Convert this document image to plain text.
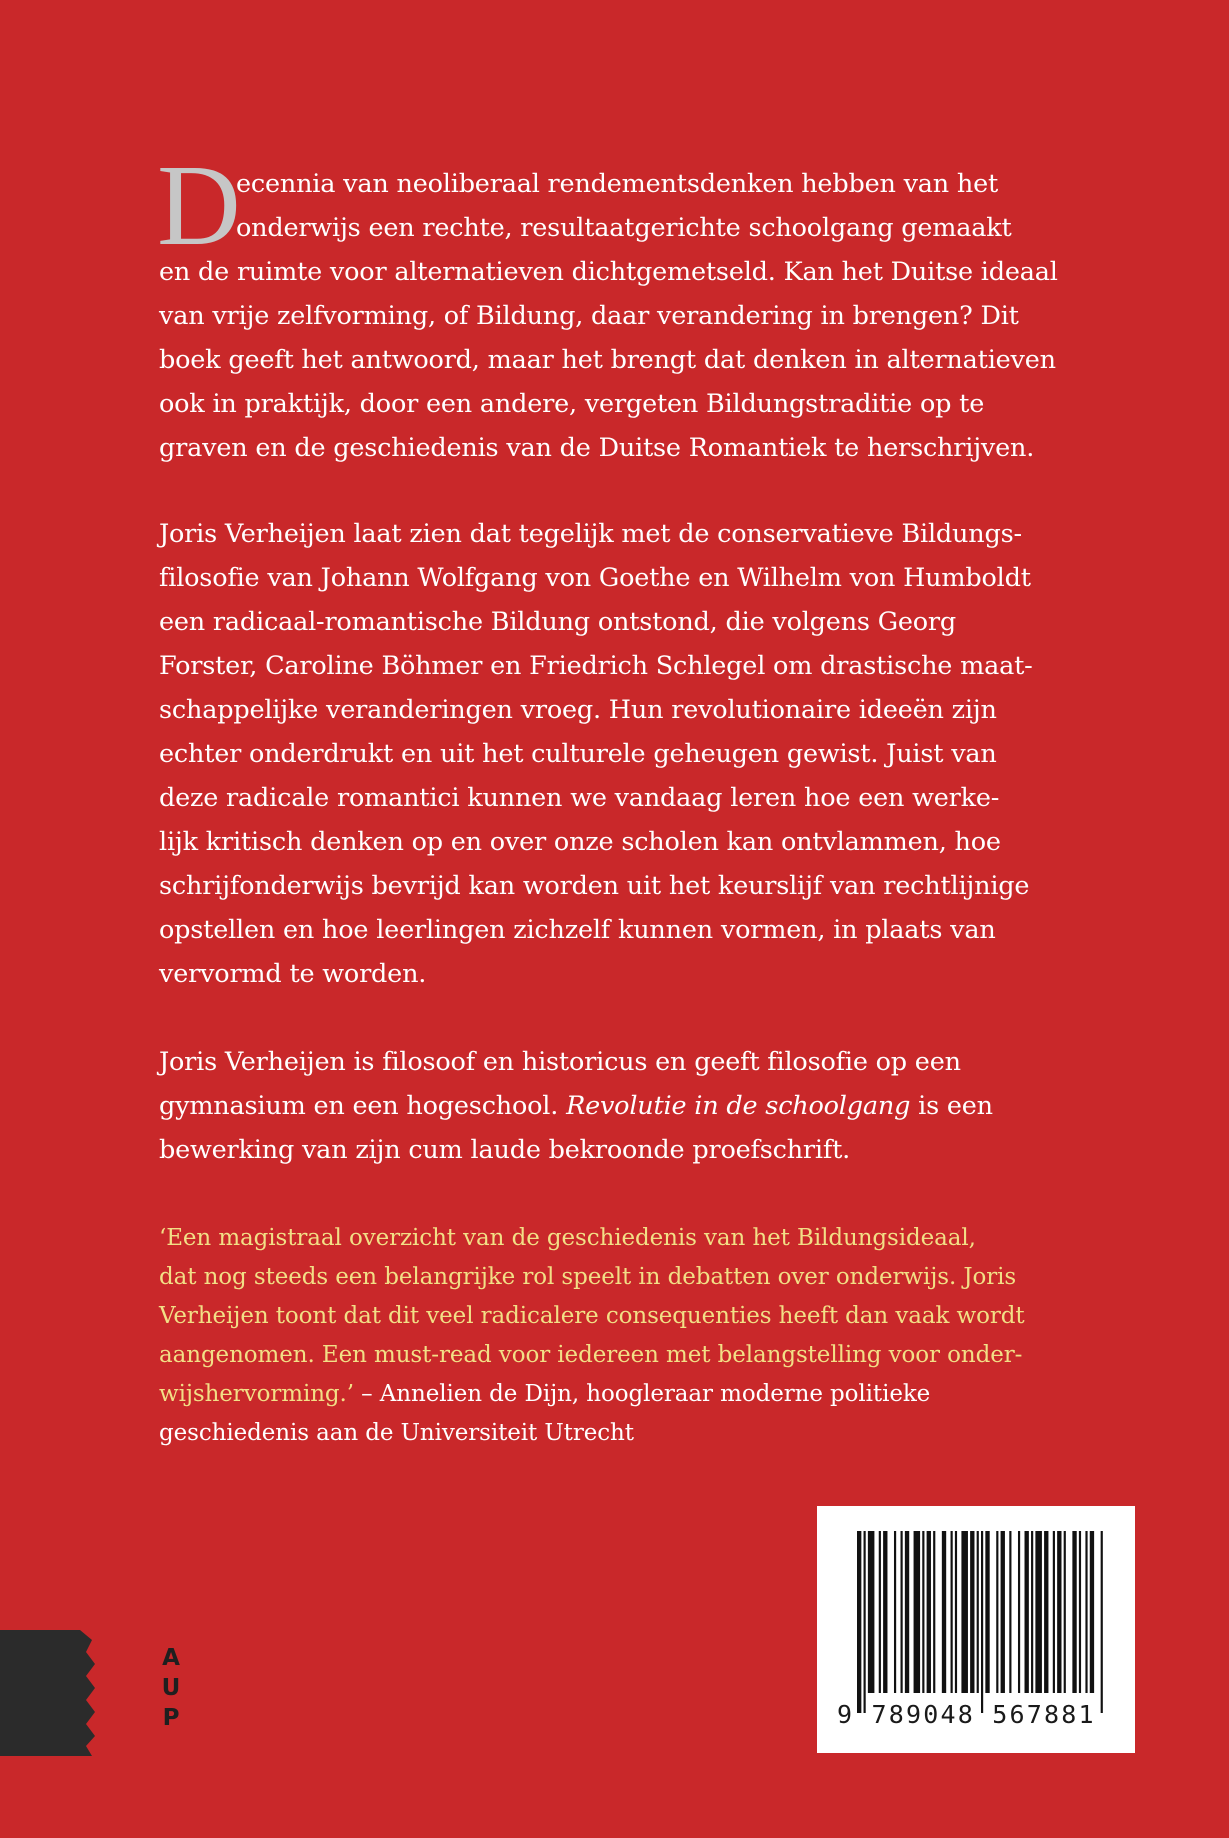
D

ecennia van neoliberaal rendementsdenken hebben van het
onderwijs een rechte, resultaatgerichte schoolgang gemaakt
en de ruimte voor alternatieven dichtgemetseld. Kan het Duitse ideaal
van vrije zelfvorming, of Bildung, daar verandering in brengen? Dit
boek geeft het antwoord, maar het brengt dat denken in alternatieven
ook in praktijk, door een andere, vergeten Bildungstraditie op te
graven en de geschiedenis van de Duitse Romantiek te herschrijven.

Joris Verheijen laat zien dat tegelijk met de conservatieve Bildungs-
filosofie van Johann Wolfgang von Goethe en Wilhelm von Humboldt
een radicaal-romantische Bildung ontstond, die volgens Georg
Forster, Caroline Böhmer en Friedrich Schlegel om drastische maat-
schappelijke veranderingen vroeg. Hun revolutionaire ideeën zijn
echter onderdrukt en uit het culturele geheugen gewist. Juist van
deze radicale romantici kunnen we vandaag leren hoe een werke-
lijk kritisch denken op en over onze scholen kan ontvlammen, hoe
schrijfonderwijs bevrijd kan worden uit het keurslijf van rechtlijnige
opstellen en hoe leerlingen zichzelf kunnen vormen, in plaats van
vervormd te worden.

Joris Verheijen is filosoof en historicus en geeft filosofie op een
gymnasium en een hogeschool. Revolutie in de schoolgang is een
bewerking van zijn cum laude bekroonde proefschrift.

‘Een magistraal overzicht van de geschiedenis van het Bildungsideaal,
dat nog steeds een belangrijke rol speelt in debatten over onderwijs. Joris
Verheijen toont dat dit veel radicalere consequenties heeft dan vaak wordt
aangenomen. Een must-read voor iedereen met belangstelling voor onder-
wijshervorming.’ – Annelien de Dijn, hoogleraar moderne politieke
geschiedenis aan de Universiteit Utrecht

9 789048 567881
A
U
P
